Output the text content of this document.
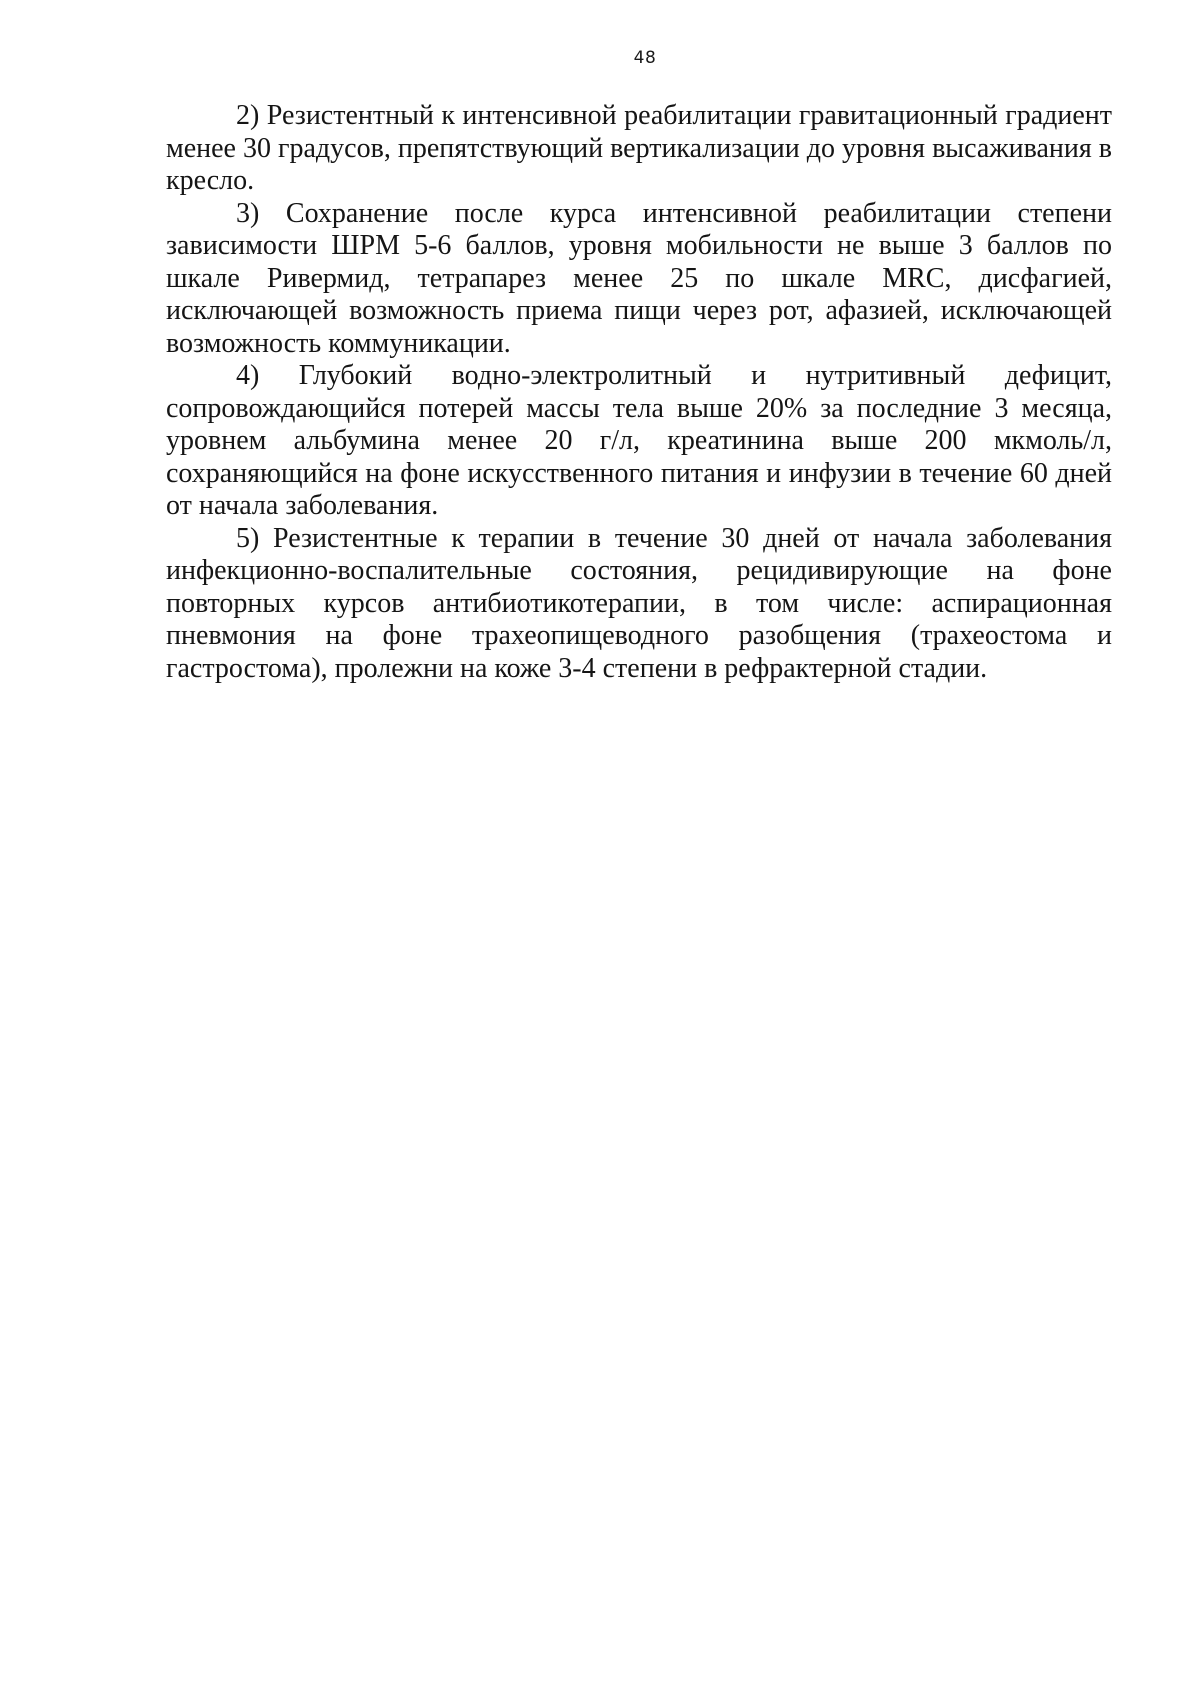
48

2) Резистентный к интенсивной реабилитации гравитационный градиент менее 30 градусов, препятствующий вертикализации до уровня высаживания в кресло.

3) Сохранение после курса интенсивной реабилитации степени зависимости ШРМ 5-6 баллов, уровня мобильности не выше 3 баллов по шкале Ривермид, тетрапарез менее 25 по шкале MRC, дисфагией, исключающей возможность приема пищи через рот, афазией, исключающей возможность коммуникации.

4) Глубокий водно-электролитный и нутритивный дефицит, сопровождающийся потерей массы тела выше 20% за последние 3 месяца, уровнем альбумина менее 20 г/л, креатинина выше 200 мкмоль/л, сохраняющийся на фоне искусственного питания и инфузии в течение 60 дней от начала заболевания.

5) Резистентные к терапии в течение 30 дней от начала заболевания инфекционно-воспалительные состояния, рецидивирующие на фоне повторных курсов антибиотикотерапии, в том числе: аспирационная пневмония на фоне трахеопищеводного разобщения (трахеостома и гастростома), пролежни на коже 3-4 степени в рефрактерной стадии.
